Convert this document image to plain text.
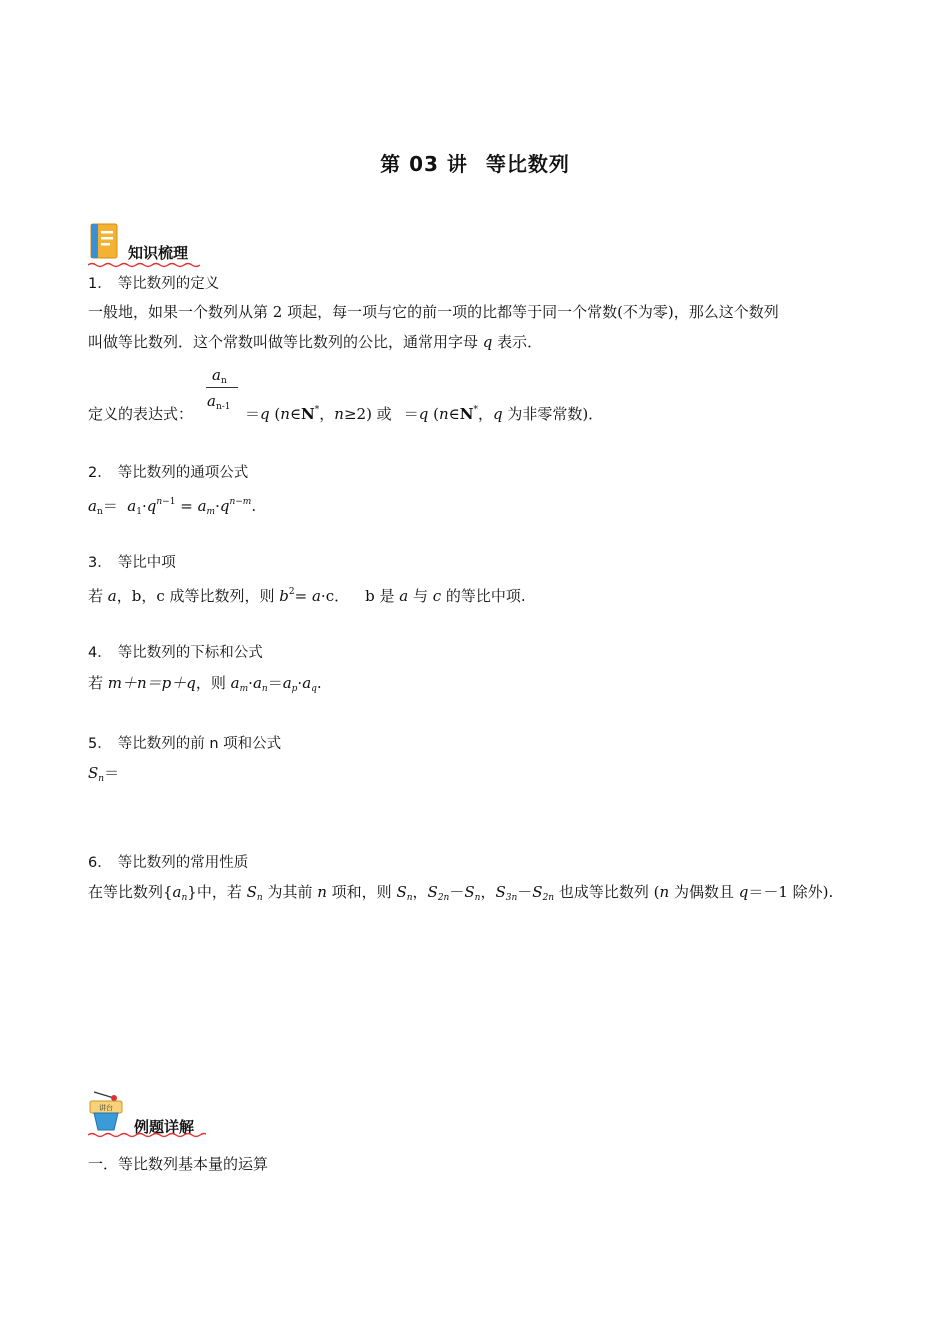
第 03 讲 等比数列
知识梳理
1． 等比数列的定义
一般地，如果一个数列从第 2 项起，每一项与它的前一项的比都等于同一个常数(不为零)，那么这个数列
叫做等比数列．这个常数叫做等比数列的公比，通常用字母 q 表示．
$a_n$
$a_{n-1}$
定义的表达式：	＝q (n∈N*，n≥2) 或 ＝q (n∈N*，q 为非零常数)．
2． 等比数列的通项公式
$a_n= a_1\cdot q^{n-1} = a_m\cdot q^{n-m}$.
3． 等比中项
若 a，b，c 成等比数列，则 $b^2= a\cdot c$． b 是 a 与 c 的等比中项.
4． 等比数列的下标和公式
若 m＋n＝p＋q，则 $a_m\cdot a_n=a_p\cdot a_q$.
5． 等比数列的前 n 项和公式
$S_n=$
6． 等比数列的常用性质
在等比数列$\{a_n\}$中，若 $S_n$ 为其前 n 项和，则 $S_n$，$S_{2n}-S_n$，$S_{3n}-S_{2n}$ 也成等比数列 (n 为偶数且 q＝－1 除外).
讲台
例题详解
一．等比数列基本量的运算
